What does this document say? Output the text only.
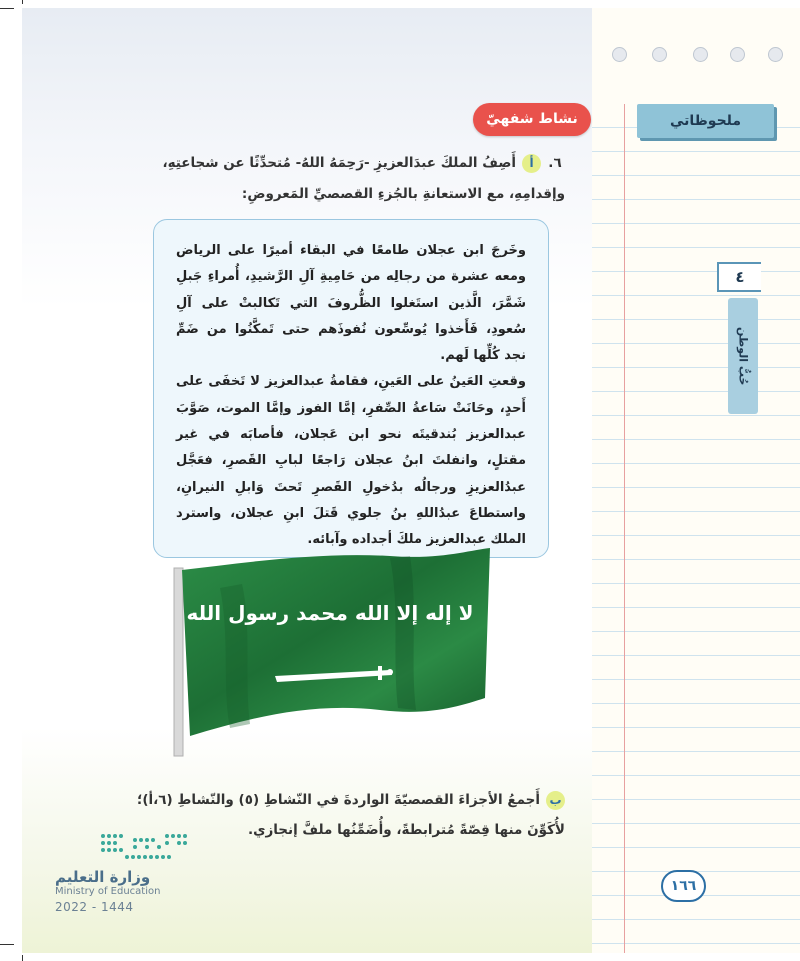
ملحوظاتي
٤
حُبُّ الوطن
نشاط شفهيّ
٦.أأَصِفُ الملكَ عبدَالعزيزِ -رَحِمَهُ اللهُ- مُتحدِّثًا عن شجاعتِهِ،
وإقدامِهِ، مع الاستعانةِ بالجُزءِ القصصيِّ المَعروضِ:

وخَرجَ ابن عجلان طامعًا في البقاء أميرًا على الرياض ومعه عشرة من رجالِه من حَامِيةِ آلِ الرَّشيدِ، أُمراءِ جَبلِ شَمَّرَ، الَّذين استَغلوا الظُّروفَ التي تَكالبتْ على آلِ سُعودِ، فَأَخذوا يُوسِّعون نُفوذَهم حتى تَمكَّنُوا من ضَمِّ نجد كُلِّها لَهم.

وقعتِ العَينُ على العَينِ، فقامةُ عبدالعزيز لا تَخفَى على أَحدٍ، وحَانَتْ سَاعةُ الصِّفرِ، إمَّا الفوز وإمَّا الموت، صَوَّبَ عبدالعزيز بُندقيتَه نحو ابن عَجلان، فأصابَه في غير مقتلٍ، وانفلتَ ابنُ عجلان رَاجعًا لبابِ القَصرِ، فعَجَّل عبدُالعزيزِ ورجالُه بدُخولِ القَصرِ تَحتَ وَابلِ النيرانِ، واستطاعَ عبدُاللهِ بنُ جلوي قَتلَ ابنِ عجلان، واسترد الملك عبدالعزيز ملكَ أجداده وآبائه.

لا إله إلا الله محمد رسول الله
بأَجمعُ الأجزاءَ القصصيّةَ الواردةَ في النّشاطِ (٥) والنّشاطِ (٦،أ)؛
لأُكَوِّنَ منها قِصّةً مُترابطةً، وأُضَمِّنُها ملفَّ إنجازي.
وزارة التعليم
Ministry of Education
2022 - 1444
١٦٦
